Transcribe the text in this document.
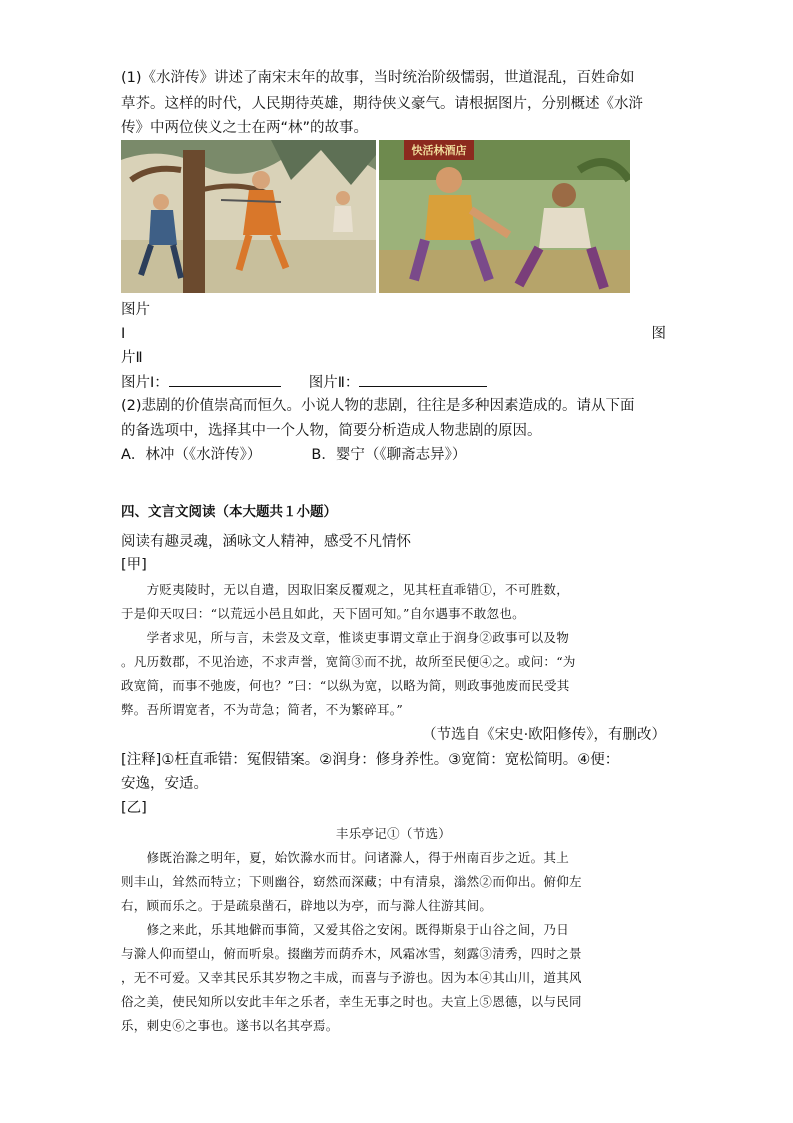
(1)《水浒传》讲述了南宋末年的故事，当时统治阶级懦弱，世道混乱，百姓命如
草芥。这样的时代，人民期待英雄，期待侠义豪气。请根据图片，分别概述《水浒
传》中两位侠义之士在两“林”的故事。
快活林酒店
图片
Ⅰ	图
片Ⅱ
图片Ⅰ：	图片Ⅱ：
(2)悲剧的价值崇高而恒久。小说人物的悲剧，往往是多种因素造成的。请从下面
的备选项中，选择其中一个人物，简要分析造成人物悲剧的原因。
A．林冲（《水浒传》）	B．婴宁（《聊斋志异》）
四、文言文阅读（本大题共１小题）
阅读有趣灵魂，涵咏文人精神，感受不凡情怀
[甲]
　　方贬夷陵时，无以自遣，因取旧案反覆观之，见其枉直乖错①，不可胜数，
于是仰天叹曰：“以荒远小邑且如此，天下固可知。”自尔遇事不敢忽也。
　　学者求见，所与言，未尝及文章，惟谈吏事谓文章止于润身②政事可以及物
。凡历数郡，不见治迹，不求声誉，宽简③而不扰，故所至民便④之。或问：“为
政宽简，而事不弛废，何也？”曰：“以纵为宽，以略为简，则政事弛废而民受其
弊。吾所谓宽者，不为苛急；简者，不为繁碎耳。”
（节选自《宋史·欧阳修传》，有删改）
[注释]①枉直乖错：冤假错案。②润身：修身养性。③宽简：宽松简明。④便：
安逸，安适。
[乙]
丰乐亭记①（节选）
　　修既治滁之明年，夏，始饮滁水而甘。问诸滁人，得于州南百步之近。其上
则丰山，耸然而特立；下则幽谷，窈然而深藏；中有清泉，滃然②而仰出。俯仰左
右，顾而乐之。于是疏泉凿石，辟地以为亭，而与滁人往游其间。
　　修之来此，乐其地僻而事简，又爱其俗之安闲。既得斯泉于山谷之间，乃日
与滁人仰而望山，俯而听泉。掇幽芳而荫乔木，风霜冰雪，刻露③清秀，四时之景
，无不可爱。又幸其民乐其岁物之丰成，而喜与予游也。因为本④其山川，道其风
俗之美，使民知所以安此丰年之乐者，幸生无事之时也。夫宣上⑤恩德，以与民同
乐，刺史⑥之事也。遂书以名其亭焉。
